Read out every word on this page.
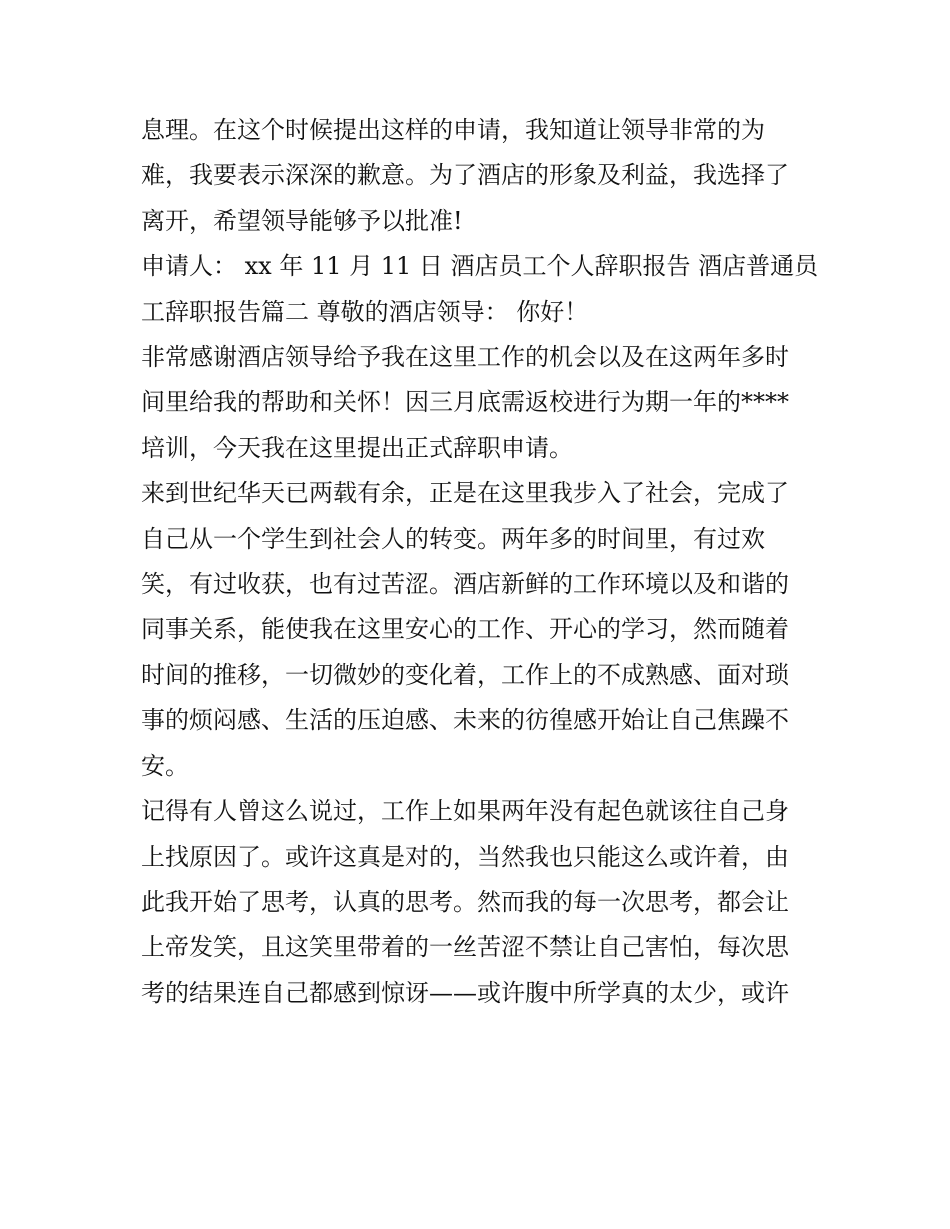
息理。在这个时候提出这样的申请，我知道让领导非常的为

难，我要表示深深的歉意。为了酒店的形象及利益，我选择了

离开，希望领导能够予以批准!

申请人： xx 年 11 月 11 日 酒店员工个人辞职报告 酒店普通员

工辞职报告篇二 尊敬的酒店领导： 你好！

非常感谢酒店领导给予我在这里工作的机会以及在这两年多时

间里给我的帮助和关怀！因三月底需返校进行为期一年的****

培训，今天我在这里提出正式辞职申请。

来到世纪华天已两载有余，正是在这里我步入了社会，完成了

自己从一个学生到社会人的转变。两年多的时间里，有过欢

笑，有过收获，也有过苦涩。酒店新鲜的工作环境以及和谐的

同事关系，能使我在这里安心的工作、开心的学习，然而随着

时间的推移，一切微妙的变化着，工作上的不成熟感、面对琐

事的烦闷感、生活的压迫感、未来的彷徨感开始让自己焦躁不

安。

记得有人曾这么说过，工作上如果两年没有起色就该往自己身

上找原因了。或许这真是对的，当然我也只能这么或许着，由

此我开始了思考，认真的思考。然而我的每一次思考，都会让

上帝发笑，且这笑里带着的一丝苦涩不禁让自己害怕，每次思

考的结果连自己都感到惊讶——或许腹中所学真的太少，或许
